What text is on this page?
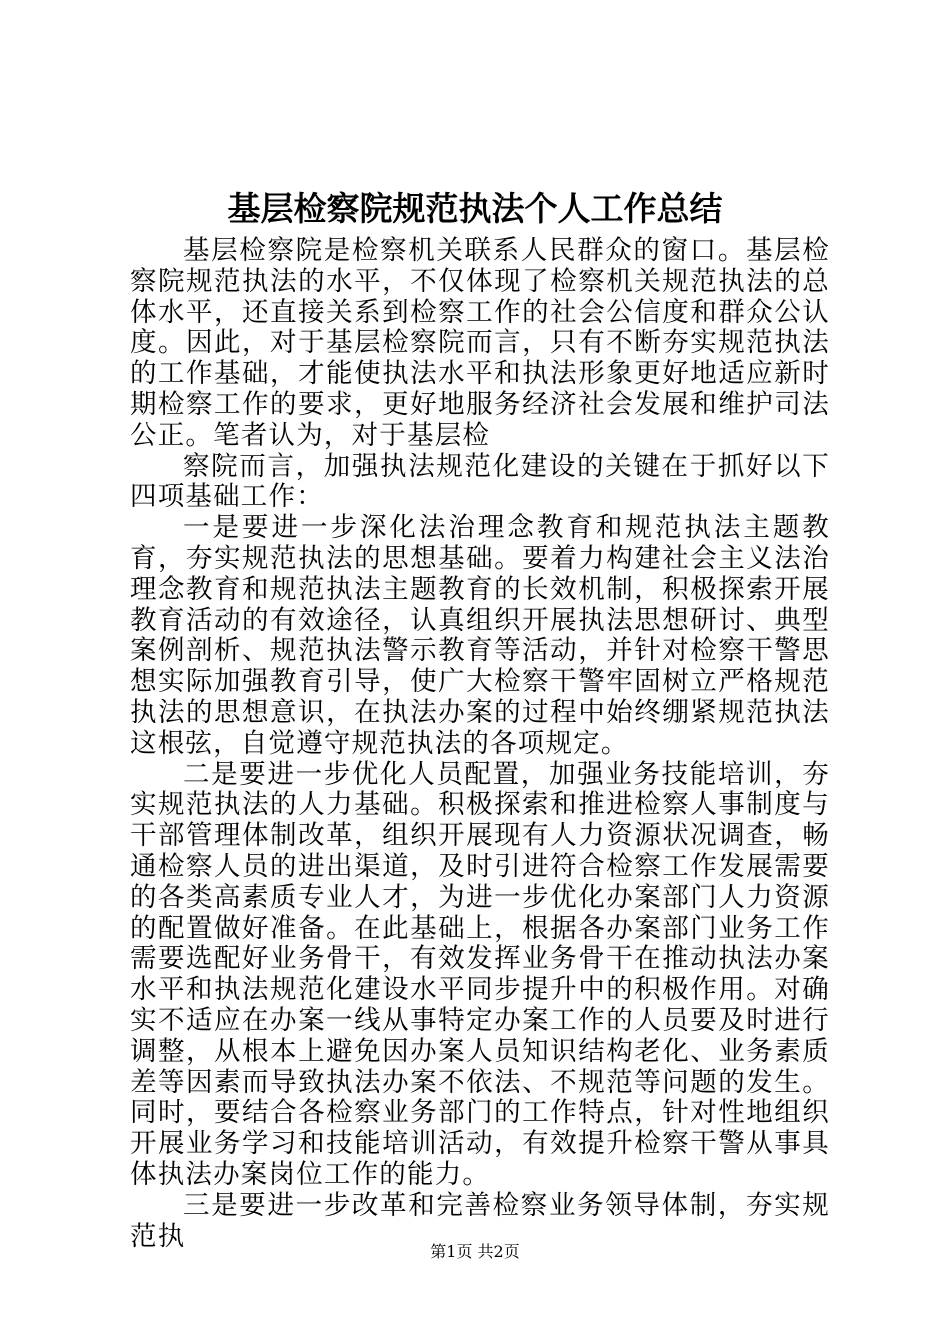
基层检察院规范执法个人工作总结

基层检察院是检察机关联系人民群众的窗口。基层检察院规范执法的水平，不仅体现了检察机关规范执法的总体水平，还直接关系到检察工作的社会公信度和群众公认度。因此，对于基层检察院而言，只有不断夯实规范执法的工作基础，才能使执法水平和执法形象更好地适应新时期检察工作的要求，更好地服务经济社会发展和维护司法公正。笔者认为，对于基层检

察院而言，加强执法规范化建设的关键在于抓好以下四项基础工作：

一是要进一步深化法治理念教育和规范执法主题教育，夯实规范执法的思想基础。要着力构建社会主义法治理念教育和规范执法主题教育的长效机制，积极探索开展教育活动的有效途径，认真组织开展执法思想研讨、典型案例剖析、规范执法警示教育等活动，并针对检察干警思想实际加强教育引导，使广大检察干警牢固树立严格规范执法的思想意识，在执法办案的过程中始终绷紧规范执法这根弦，自觉遵守规范执法的各项规定。

二是要进一步优化人员配置，加强业务技能培训，夯实规范执法的人力基础。积极探索和推进检察人事制度与干部管理体制改革，组织开展现有人力资源状况调查，畅通检察人员的进出渠道，及时引进符合检察工作发展需要的各类高素质专业人才，为进一步优化办案部门人力资源的配置做好准备。在此基础上，根据各办案部门业务工作需要选配好业务骨干，有效发挥业务骨干在推动执法办案水平和执法规范化建设水平同步提升中的积极作用。对确实不适应在办案一线从事特定办案工作的人员要及时进行调整，从根本上避免因办案人员知识结构老化、业务素质差等因素而导致执法办案不依法、不规范等问题的发生。同时，要结合各检察业务部门的工作特点，针对性地组织开展业务学习和技能培训活动，有效提升检察干警从事具体执法办案岗位工作的能力。

三是要进一步改革和完善检察业务领导体制，夯实规范执	第1页 共2页
